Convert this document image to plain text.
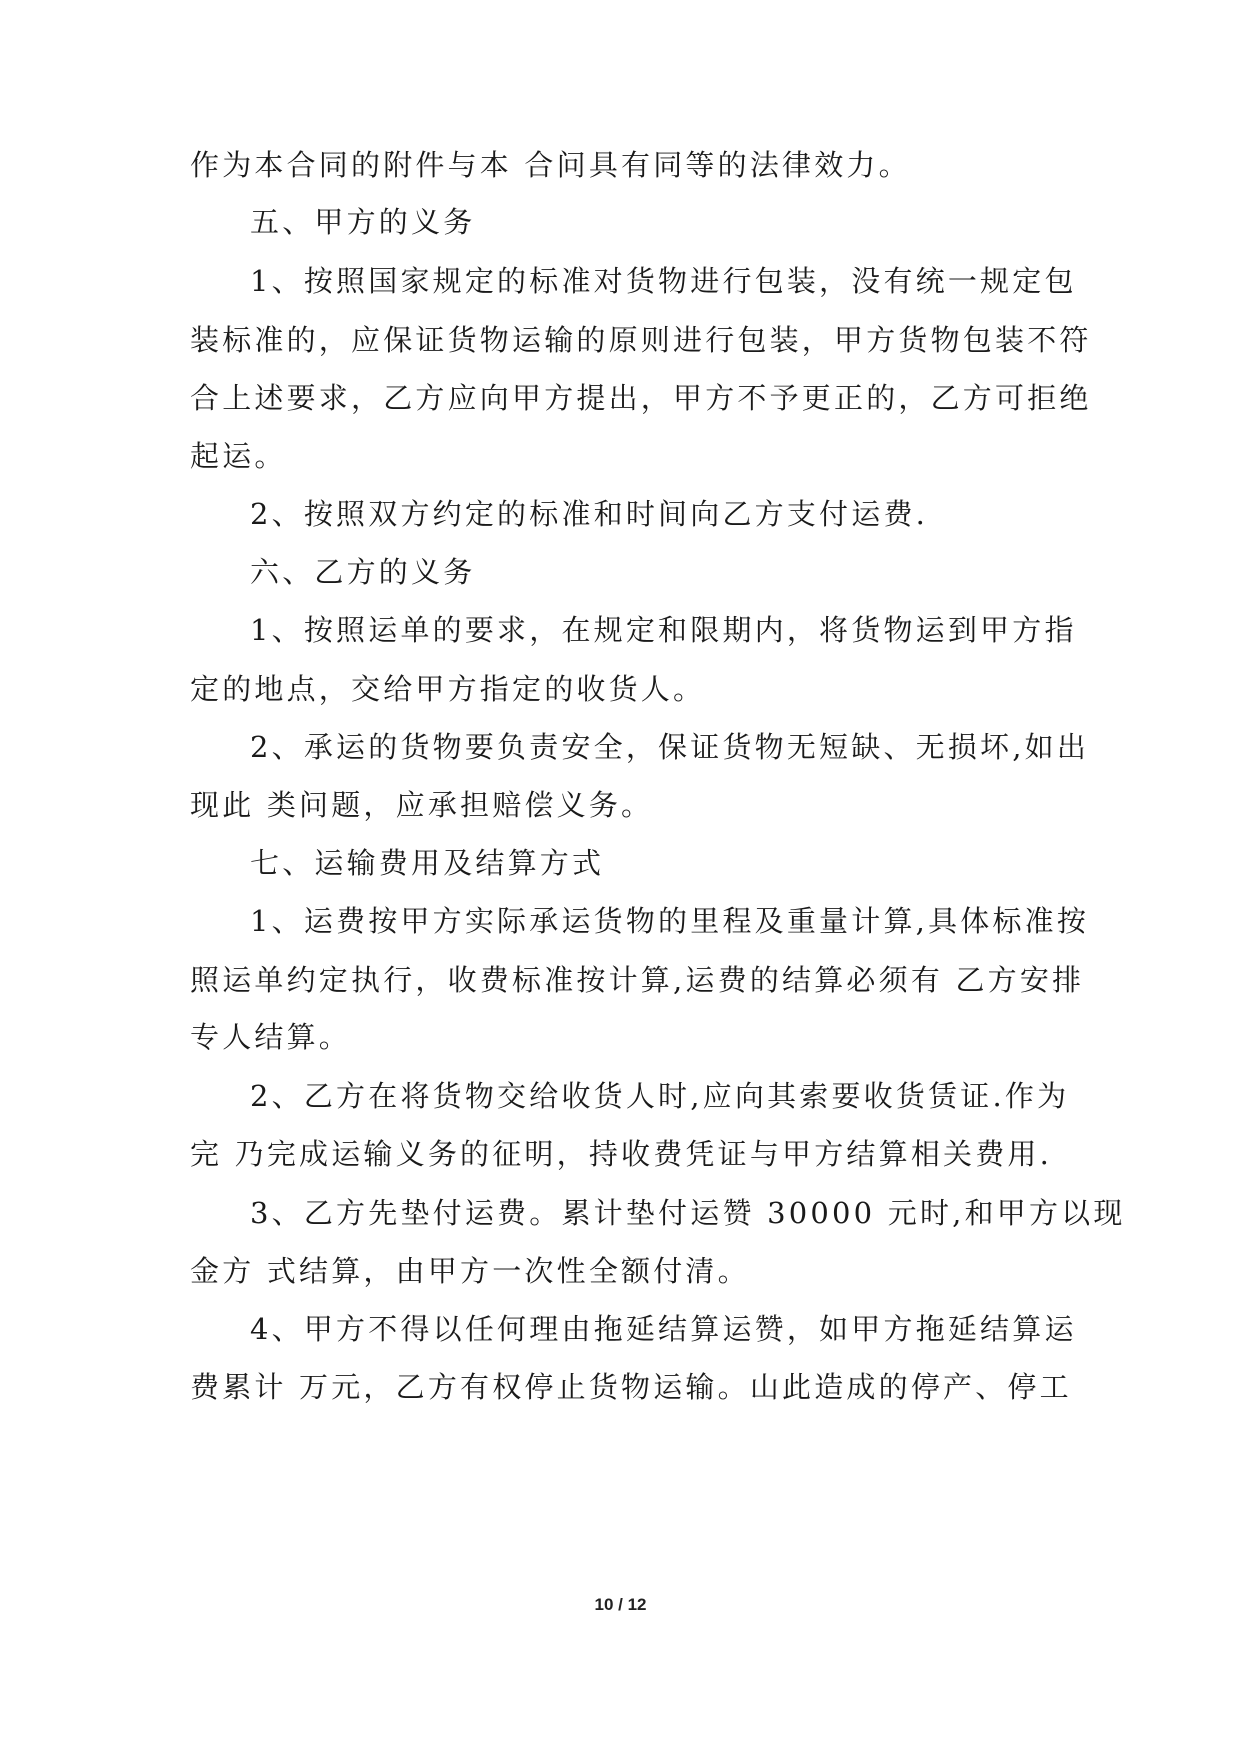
作为本合同的附件与本 合问具有同等的法律效力。
五、甲方的义务
1、按照国家规定的标准对货物进行包装，没有统一规定包
装标准的，应保证货物运输的原则进行包装，甲方货物包装不符
合上述要求，乙方应向甲方提出，甲方不予更正的，乙方可拒绝
起运。
2、按照双方约定的标准和时间向乙方支付运费.
六、乙方的义务
1、按照运单的要求，在规定和限期内，将货物运到甲方指
定的地点，交给甲方指定的收货人。
2、承运的货物要负责安全，保证货物无短缺、无损坏,如出
现此 类问题，应承担赔偿义务。
七、运输费用及结算方式
1、运费按甲方实际承运货物的里程及重量计算,具体标准按
照运单约定执行，收费标准按计算,运费的结算必须有 乙方安排
专人结算。
2、乙方在将货物交给收货人时,应向其索要收货赁证.作为
完 乃完成运输义务的征明，持收费凭证与甲方结算相关费用.
3、乙方先垫付运费。累计垫付运赞 30000 元时,和甲方以现
金方 式结算，由甲方一次性全额付清。
4、甲方不得以任何理由拖延结算运赞，如甲方拖延结算运
费累计 万元，乙方有权停止货物运输。山此造成的停产、停工
10 / 12
